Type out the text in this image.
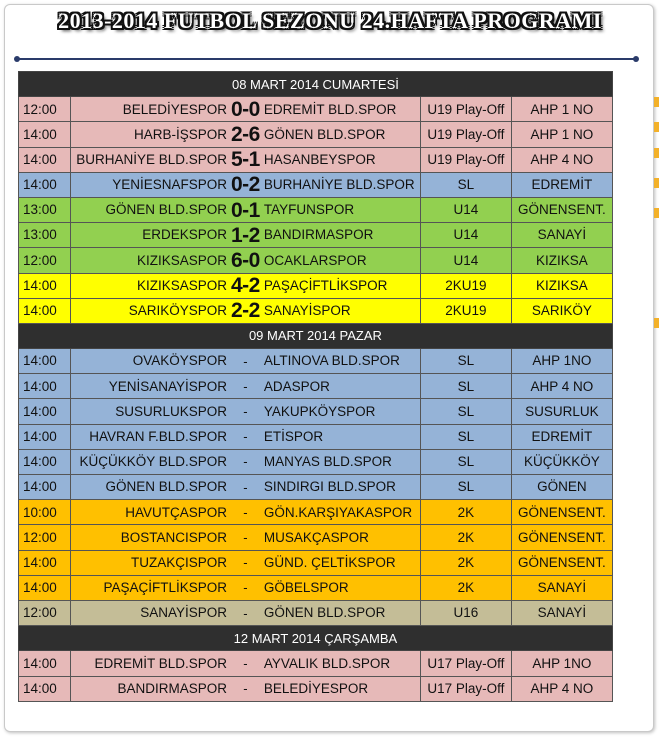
2013-2014 FUTBOL SEZONU 24.HAFTA PROGRAMI
08 MART 2014 CUMARTESİ					
12:00	BELEDİYESPOR	0-0	EDREMİT BLD.SPOR	U19 Play-Off	AHP 1 NO
14:00	HARB-İŞSPOR	2-6	GÖNEN BLD.SPOR	U19 Play-Off	AHP 1 NO
14:00	BURHANİYE BLD.SPOR	5-1	HASANBEYSPOR	U19 Play-Off	AHP 4 NO
14:00	YENİESNAFSPOR	0-2	BURHANİYE BLD.SPOR	SL	EDREMİT
13:00	GÖNEN BLD.SPOR	0-1	TAYFUNSPOR	U14	GÖNENSENT.
13:00	ERDEKSPOR	1-2	BANDIRMASPOR	U14	SANAYİ
12:00	KIZIKSASPOR	6-0	OCAKLARSPOR	U14	KIZIKSA
14:00	KIZIKSASPOR	4-2	PAŞAÇİFTLİKSPOR	2KU19	KIZIKSA
14:00	SARIKÖYSPOR	2-2	SANAYİSPOR	2KU19	SARIKÖY
09 MART 2014 PAZAR					
14:00	OVAKÖYSPOR	-	ALTINOVA BLD.SPOR	SL	AHP 1NO
14:00	YENİSANAYİSPOR	-	ADASPOR	SL	AHP 4 NO
14:00	SUSURLUKSPOR	-	YAKUPKÖYSPOR	SL	SUSURLUK
14:00	HAVRAN F.BLD.SPOR	-	ETİSPOR	SL	EDREMİT
14:00	KÜÇÜKKÖY BLD.SPOR	-	MANYAS BLD.SPOR	SL	KÜÇÜKKÖY
14:00	GÖNEN BLD.SPOR	-	SINDIRGI BLD.SPOR	SL	GÖNEN
10:00	HAVUTÇASPOR	-	GÖN.KARŞIYAKASPOR	2K	GÖNENSENT.
12:00	BOSTANCISPOR	-	MUSAKÇASPOR	2K	GÖNENSENT.
14:00	TUZAKÇISPOR	-	GÜND. ÇELTİKSPOR	2K	GÖNENSENT.
14:00	PAŞAÇİFTLİKSPOR	-	GÖBELSPOR	2K	SANAYİ
12:00	SANAYİSPOR	-	GÖNEN BLD.SPOR	U16	SANAYİ
12 MART 2014 ÇARŞAMBA					
14:00	EDREMİT BLD.SPOR	-	AYVALIK BLD.SPOR	U17 Play-Off	AHP 1NO
14:00	BANDIRMASPOR	-	BELEDİYESPOR	U17 Play-Off	AHP 4 NO
